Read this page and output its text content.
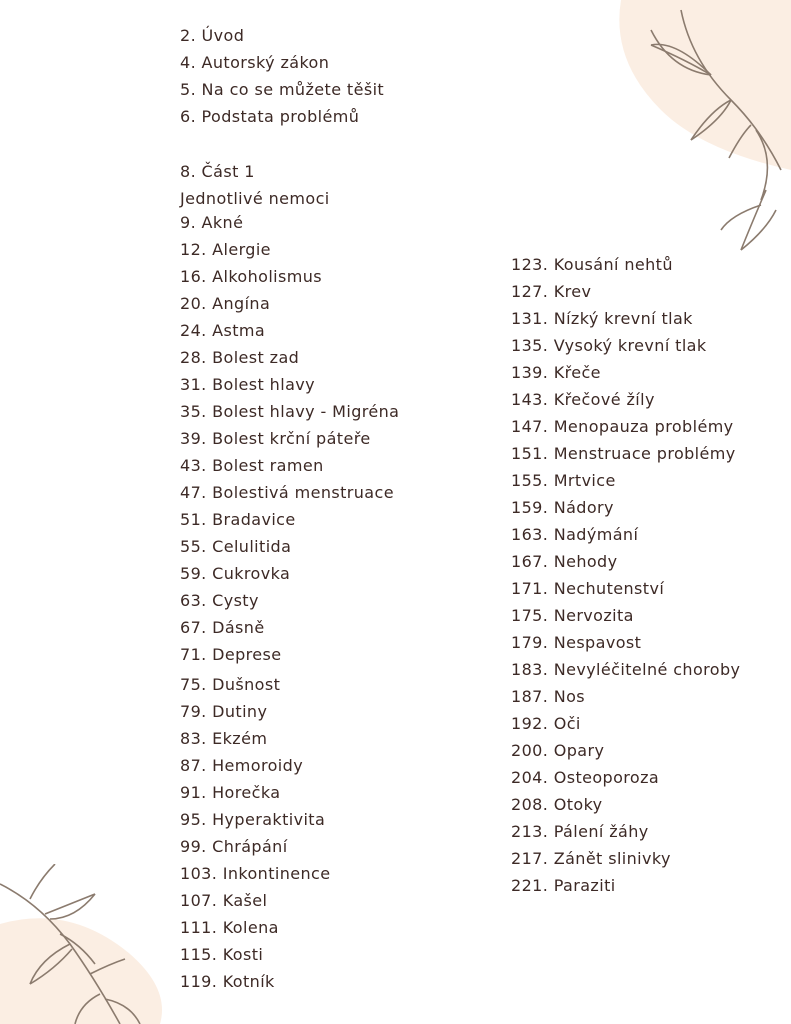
2. Úvod
4. Autorský zákon
5. Na co se můžete těšit
6. Podstata problémů
8. Část 1
Jednotlivé nemoci
9. Akné
12. Alergie
16. Alkoholismus
20. Angína
24. Astma
28. Bolest zad
31. Bolest hlavy
35. Bolest hlavy - Migréna
39. Bolest krční páteře
43. Bolest ramen
47. Bolestivá menstruace
51. Bradavice
55. Celulitida
59. Cukrovka
63. Cysty
67. Dásně
71. Deprese
75. Dušnost
79. Dutiny
83. Ekzém
87. Hemoroidy
91. Horečka
95. Hyperaktivita
99. Chrápání
103. Inkontinence
107. Kašel
111. Kolena
115. Kosti
119. Kotník
123. Kousání nehtů
127. Krev
131. Nízký krevní tlak
135. Vysoký krevní tlak
139. Křeče
143. Křečové žíly
147. Menopauza problémy
151. Menstruace problémy
155. Mrtvice
159. Nádory
163. Nadýmání
167. Nehody
171. Nechutenství
175. Nervozita
179. Nespavost
183. Nevyléčitelné choroby
187. Nos
192. Oči
200. Opary
204. Osteoporoza
208. Otoky
213. Pálení žáhy
217. Zánět slinivky
221. Paraziti
